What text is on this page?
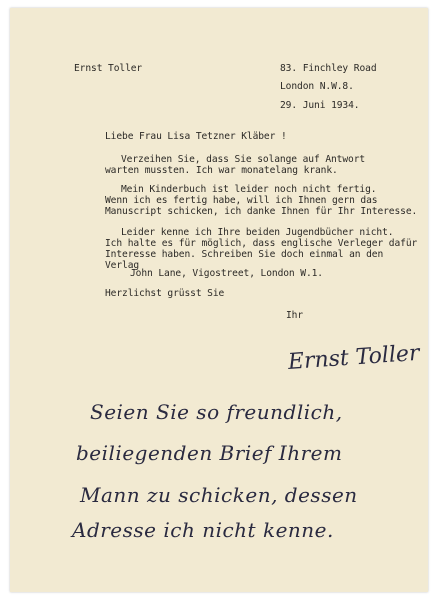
Ernst Toller	83. Finchley Road
London N.W.8.
29. Juni 1934.
Liebe Frau Lisa Tetzner Kläber !
Verzeihen Sie, dass Sie solange auf Antwort
warten mussten. Ich war monatelang krank.
Mein Kinderbuch ist leider noch nicht fertig.
Wenn ich es fertig habe, will ich Ihnen gern das
Manuscript schicken, ich danke Ihnen für Ihr Interesse.
Leider kenne ich Ihre beiden Jugendbücher nicht.
Ich halte es für möglich, dass englische Verleger dafür
Interesse haben. Schreiben Sie doch einmal an den
Verlag
John Lane, Vigostreet, London W.1.
Herzlichst grüsst Sie
Ihr
Ernst Toller
Seien Sie so freundlich,
beiliegenden Brief Ihrem
Mann zu schicken, dessen
Adresse ich nicht kenne.
